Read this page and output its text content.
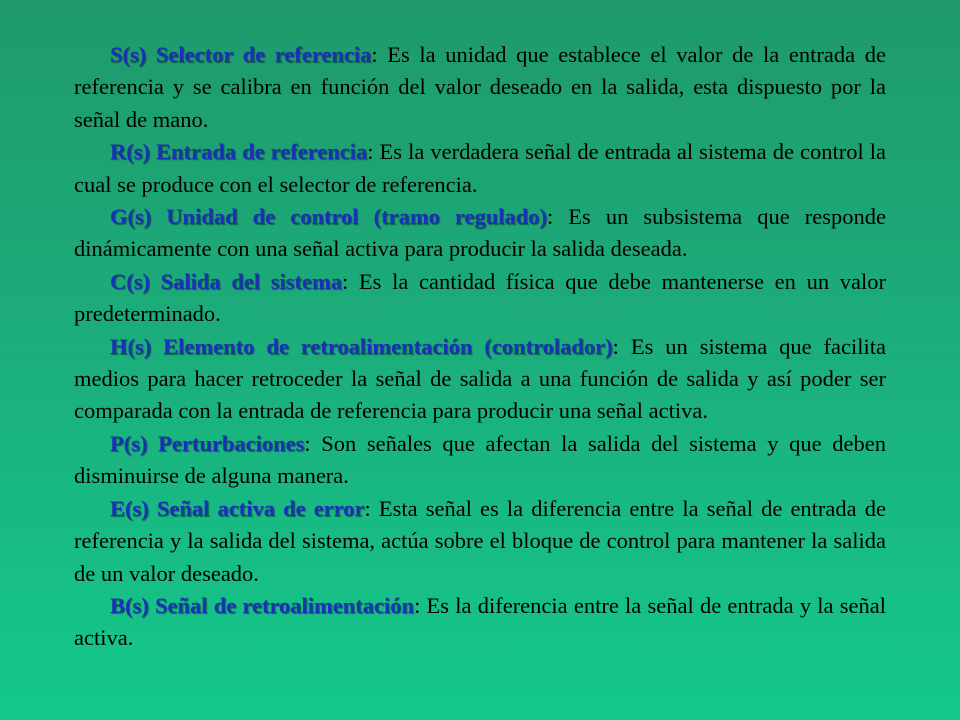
S(s) Selector de referencia: Es la unidad que establece el valor de la entrada de referencia y se calibra en función del valor deseado en la salida, esta dispuesto por la señal de mano.

R(s) Entrada de referencia: Es la verdadera señal de entrada al sistema de control la cual se produce con el selector de referencia.

G(s) Unidad de control (tramo regulado): Es un subsistema que responde dinámicamente con una señal activa para producir la salida deseada.

C(s) Salida del sistema: Es la cantidad física que debe mantenerse en un valor predeterminado.

H(s) Elemento de retroalimentación (controlador): Es un sistema que facilita medios para hacer retroceder la señal de salida a una función de salida y así poder ser comparada con la entrada de referencia para producir una señal activa.

P(s) Perturbaciones: Son señales que afectan la salida del sistema y que deben disminuirse de alguna manera.

E(s) Señal activa de error: Esta señal es la diferencia entre la señal de entrada de referencia y la salida del sistema, actúa sobre el bloque de control para mantener la salida de un valor deseado.

B(s) Señal de retroalimentación: Es la diferencia entre la señal de entrada y la señal activa.
